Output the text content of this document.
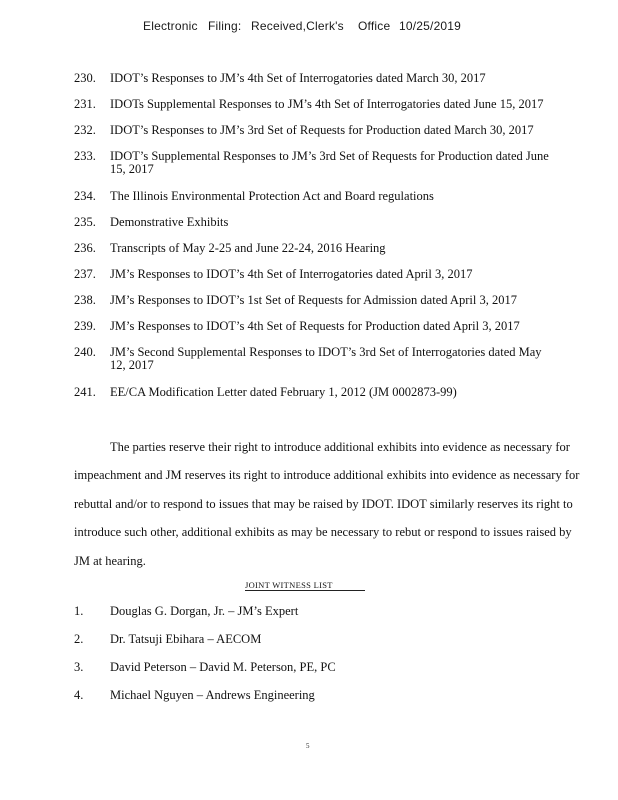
Electronic Filing: Received,Clerk's Office 10/25/2019
230. IDOT’s Responses to JM’s 4th Set of Interrogatories dated March 30, 2017
231. IDOTs Supplemental Responses to JM’s 4th Set of Interrogatories dated June 15, 2017
232. IDOT’s Responses to JM’s 3rd Set of Requests for Production dated March 30, 2017
233. IDOT’s Supplemental Responses to JM’s 3rd Set of Requests for Production dated June 15, 2017
234. The Illinois Environmental Protection Act and Board regulations
235. Demonstrative Exhibits
236. Transcripts of May 2-25 and June 22-24, 2016 Hearing
237. JM’s Responses to IDOT’s 4th Set of Interrogatories dated April 3, 2017
238. JM’s Responses to IDOT’s 1st Set of Requests for Admission dated April 3, 2017
239. JM’s Responses to IDOT’s 4th Set of Requests for Production dated April 3, 2017
240. JM’s Second Supplemental Responses to IDOT’s 3rd Set of Interrogatories dated May 12, 2017
241. EE/CA Modification Letter dated February 1, 2012 (JM 0002873-99)

The parties reserve their right to introduce additional exhibits into evidence as necessary for impeachment and JM reserves its right to introduce additional exhibits into evidence as necessary for rebuttal and/or to respond to issues that may be raised by IDOT. IDOT similarly reserves its right to introduce such other, additional exhibits as may be necessary to rebut or respond to issues raised by JM at hearing.

JOINT WITNESS LIST
1. Douglas G. Dorgan, Jr. – JM’s Expert
2. Dr. Tatsuji Ebihara – AECOM
3. David Peterson – David M. Peterson, PE, PC
4. Michael Nguyen – Andrews Engineering
5
